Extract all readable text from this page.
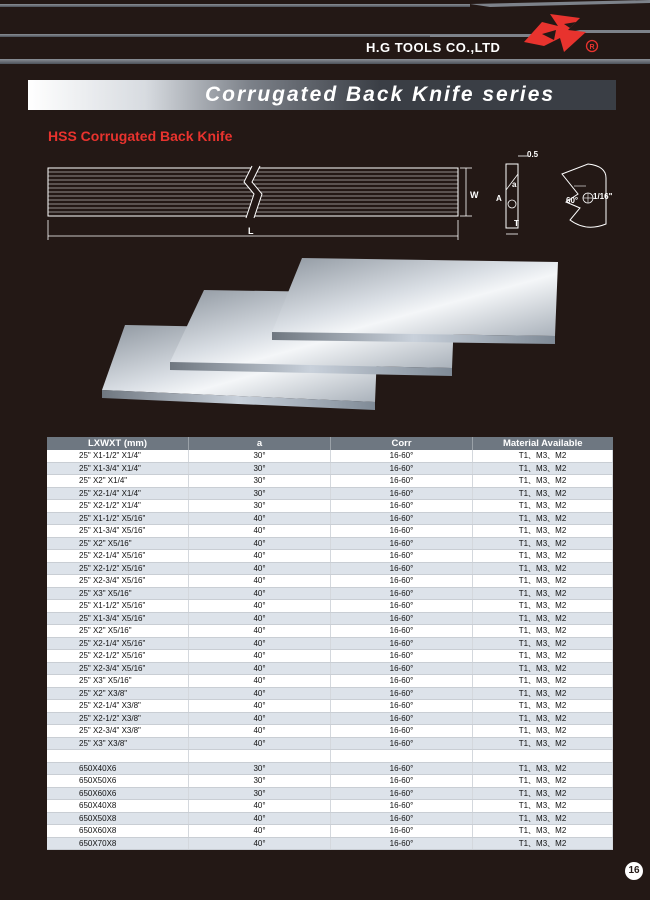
H.G TOOLS CO.,LTD	R
Corrugated Back Knife series
HSS Corrugated Back Knife
W
L
a
A
T
0.5
60° 1/16"
LXWXT (mm)	a	Corr	Material Available
25" X1-1/2" X1/4"	30°	16-60°	T1、M3、M2
25" X1-3/4" X1/4"	30°	16-60°	T1、M3、M2
25" X2" X1/4"	30°	16-60°	T1、M3、M2
25" X2-1/4" X1/4"	30°	16-60°	T1、M3、M2
25" X2-1/2" X1/4"	30°	16-60°	T1、M3、M2
25" X1-1/2" X5/16"	40°	16-60°	T1、M3、M2
25" X1-3/4" X5/16"	40°	16-60°	T1、M3、M2
25" X2" X5/16"	40°	16-60°	T1、M3、M2
25" X2-1/4" X5/16"	40°	16-60°	T1、M3、M2
25" X2-1/2" X5/16"	40°	16-60°	T1、M3、M2
25" X2-3/4" X5/16"	40°	16-60°	T1、M3、M2
25" X3" X5/16"	40°	16-60°	T1、M3、M2
25" X1-1/2" X5/16"	40°	16-60°	T1、M3、M2
25" X1-3/4" X5/16"	40°	16-60°	T1、M3、M2
25" X2" X5/16"	40°	16-60°	T1、M3、M2
25" X2-1/4" X5/16"	40°	16-60°	T1、M3、M2
25" X2-1/2" X5/16"	40°	16-60°	T1、M3、M2
25" X2-3/4" X5/16"	40°	16-60°	T1、M3、M2
25" X3" X5/16"	40°	16-60°	T1、M3、M2
25" X2" X3/8"	40°	16-60°	T1、M3、M2
25" X2-1/4" X3/8"	40°	16-60°	T1、M3、M2
25" X2-1/2" X3/8"	40°	16-60°	T1、M3、M2
25" X2-3/4" X3/8"	40°	16-60°	T1、M3、M2
25" X3" X3/8"	40°	16-60°	T1、M3、M2

650X40X6	30°	16-60°	T1、M3、M2
650X50X6	30°	16-60°	T1、M3、M2
650X60X6	30°	16-60°	T1、M3、M2
650X40X8	40°	16-60°	T1、M3、M2
650X50X8	40°	16-60°	T1、M3、M2
650X60X8	40°	16-60°	T1、M3、M2
650X70X8	40°	16-60°	T1、M3、M2
16
